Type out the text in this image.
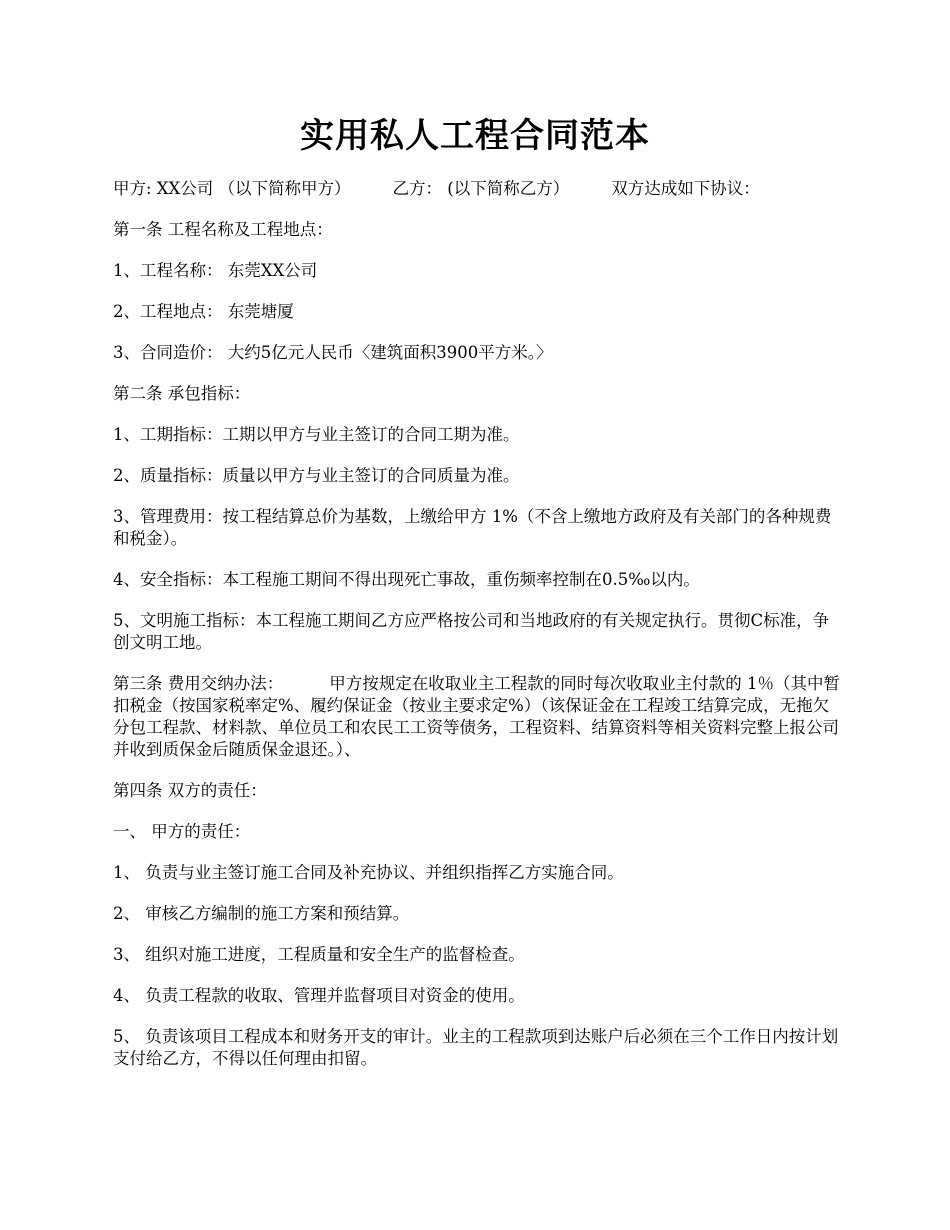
实用私人工程合同范本

甲方: XX公司 （以下简称甲方）	乙方： (以下简称乙方）	双方达成如下协议：

第一条 工程名称及工程地点：

1、工程名称： 东莞XX公司

2、工程地点： 东莞塘厦

3、合同造价： 大约5亿元人民币〈建筑面积3900平方米。〉

第二条 承包指标：

1、工期指标：工期以甲方与业主签订的合同工期为准。

2、质量指标：质量以甲方与业主签订的合同质量为准。

3、管理费用：按工程结算总价为基数，上缴给甲方 1%（不含上缴地方政府及有关部门的各种规费和税金）。

4、安全指标：本工程施工期间不得出现死亡事故，重伤频率控制在0.5‰以内。

5、文明施工指标：本工程施工期间乙方应严格按公司和当地政府的有关规定执行。贯彻C标准，争创文明工地。

第三条 费用交纳办法：	甲方按规定在收取业主工程款的同时每次收取业主付款的 1％（其中暂扣税金（按国家税率定%、履约保证金（按业主要求定%）（该保证金在工程竣工结算完成，无拖欠分包工程款、材料款、单位员工和农民工工资等债务，工程资料、结算资料等相关资料完整上报公司并收到质保金后随质保金退还。）、

第四条 双方的责任：

一、 甲方的责任：

1、 负责与业主签订施工合同及补充协议、并组织指挥乙方实施合同。

2、 审核乙方编制的施工方案和预结算。

3、 组织对施工进度，工程质量和安全生产的监督检查。

4、 负责工程款的收取、管理并监督项目对资金的使用。

5、 负责该项目工程成本和财务开支的审计。业主的工程款项到达账户后必须在三个工作日内按计划支付给乙方，不得以任何理由扣留。
